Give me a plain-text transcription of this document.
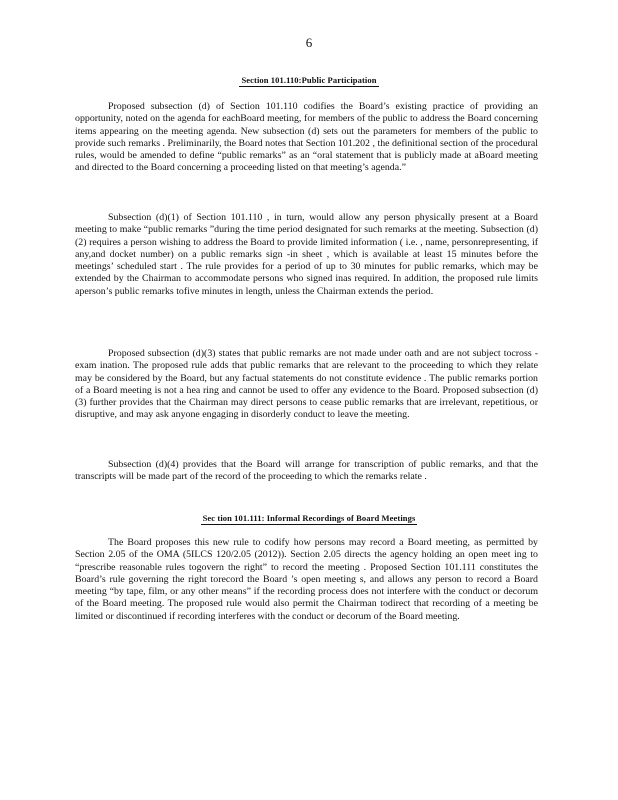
6
Section 101.110:Public Participation

Proposed subsection (d) of Section 101.110 codifies the Board’s existing practice of providing an opportunity, noted on the agenda for eachBoard meeting, for members of the public to address the Board concerning items appearing on the meeting agenda. New subsection (d) sets out the parameters for members of the public to provide such remarks . Preliminarily, the Board notes that Section 101.202 , the definitional section of the procedural rules, would be amended to define “public remarks” as an “oral statement that is publicly made at aBoard meeting and directed to the Board concerning a proceeding listed on that meeting’s agenda.”

Subsection (d)(1) of Section 101.110 , in turn, would allow any person physically present at a Board meeting to make “public remarks ”during the time period designated for such remarks at the meeting. Subsection (d)(2) requires a person wishing to address the Board to provide limited information ( i.e. , name, personrepresenting, if any,and docket number) on a public remarks sign -in sheet , which is available at least 15 minutes before the meetings’ scheduled start . The rule provides for a period of up to 30 minutes for public remarks, which may be extended by the Chairman to accommodate persons who signed inas required. In addition, the proposed rule limits aperson’s public remarks tofive minutes in length, unless the Chairman extends the period.

Proposed subsection (d)(3) states that public remarks are not made under oath and are not subject tocross - exam ination. The proposed rule adds that public remarks that are relevant to the proceeding to which they relate may be considered by the Board, but any factual statements do not constitute evidence . The public remarks portion of a Board meeting is not a hea ring and cannot be used to offer any evidence to the Board. Proposed subsection (d)(3) further provides that the Chairman may direct persons to cease public remarks that are irrelevant, repetitious, or disruptive, and may ask anyone engaging in disorderly conduct to leave the meeting.

Subsection (d)(4) provides that the Board will arrange for transcription of public remarks, and that the transcripts will be made part of the record of the proceeding to which the remarks relate .

Sec tion 101.111: Informal Recordings of Board Meetings

The Board proposes this new rule to codify how persons may record a Board meeting, as permitted by Section 2.05 of the OMA (5ILCS 120/2.05 (2012)). Section 2.05 directs the agency holding an open meet ing to “prescribe reasonable rules togovern the right” to record the meeting . Proposed Section 101.111 constitutes the Board’s rule governing the right torecord the Board ’s open meeting s, and allows any person to record a Board meeting “by tape, film, or any other means” if the recording process does not interfere with the conduct or decorum of the Board meeting. The proposed rule would also permit the Chairman todirect that recording of a meeting be limited or discontinued if recording interferes with the conduct or decorum of the Board meeting.
